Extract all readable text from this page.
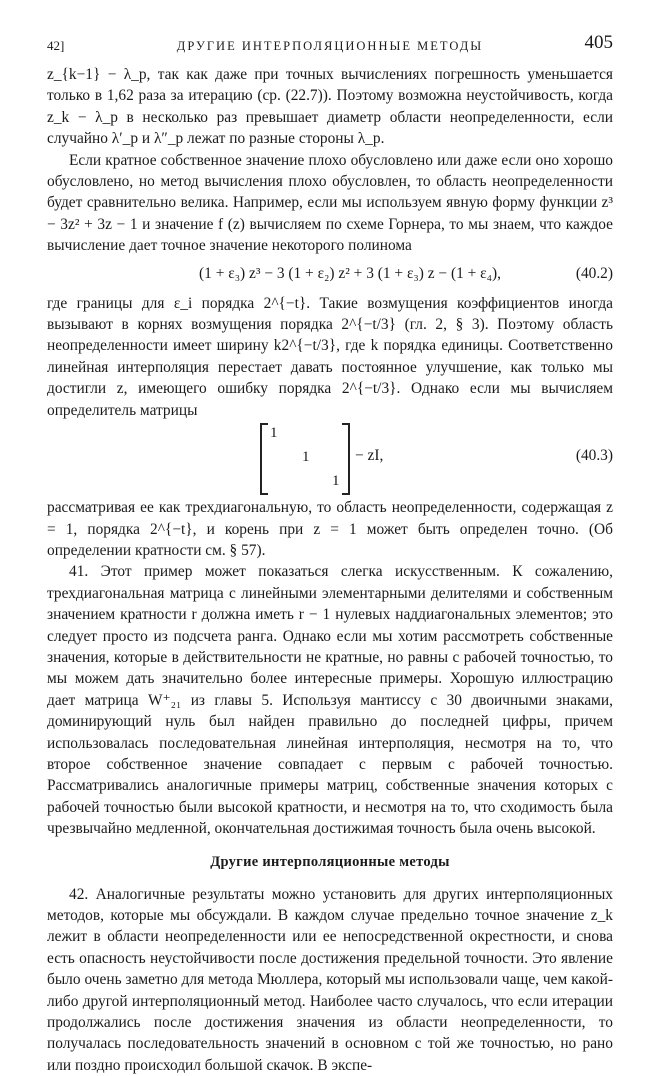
42]	ДРУГИЕ ИНТЕРПОЛЯЦИОННЫЕ МЕТОДЫ	405

z_{k−1} − λ_p, так как даже при точных вычислениях погрешность уменьшается только в 1,62 раза за итерацию (ср. (22.7)). Поэтому возможна неустойчивость, когда z_k − λ_p в несколько раз превышает диаметр области неопределенности, если случайно λ′_p и λ″_p лежат по разные стороны λ_p.

Если кратное собственное значение плохо обусловлено или даже если оно хорошо обусловлено, но метод вычисления плохо обусловлен, то область неопределенности будет сравнительно велика. Например, если мы используем явную форму функции z³ − 3z² + 3z − 1 и значение f (z) вычисляем по схеме Горнера, то мы знаем, что каждое вычисление дает точное значение некоторого полинома

(1 + ε₃) z³ − 3 (1 + ε₂) z² + 3 (1 + ε₃) z − (1 + ε₄),	(40.2)

где границы для ε_i порядка 2^{−t}. Такие возмущения коэффициентов иногда вызывают в корнях возмущения порядка 2^{−t/3} (гл. 2, § 3). Поэтому область неопределенности имеет ширину k2^{−t/3}, где k порядка единицы. Соответственно линейная интерполяция перестает давать постоянное улучшение, как только мы достигли z, имеющего ошибку порядка 2^{−t/3}. Однако если мы вычисляем определитель матрицы

1
1
1
− zI,	(40.3)

рассматривая ее как трехдиагональную, то область неопределенности, содержащая z = 1, порядка 2^{−t}, и корень при z = 1 может быть определен точно. (Об определении кратности см. § 57).

41. Этот пример может показаться слегка искусственным. К сожалению, трехдиагональная матрица с линейными элементарными делителями и собственным значением кратности r должна иметь r − 1 нулевых наддиагональных элементов; это следует просто из подсчета ранга. Однако если мы хотим рассмотреть собственные значения, которые в действительности не кратные, но равны с рабочей точностью, то мы можем дать значительно более интересные примеры. Хорошую иллюстрацию дает матрица W⁺₂₁ из главы 5. Используя мантиссу с 30 двоичными знаками, доминирующий нуль был найден правильно до последней цифры, причем использовалась последовательная линейная интерполяция, несмотря на то, что второе собственное значение совпадает с первым с рабочей точностью. Рассматривались аналогичные примеры матриц, собственные значения которых с рабочей точностью были высокой кратности, и несмотря на то, что сходимость была чрезвычайно медленной, окончательная достижимая точность была очень высокой.

Другие интерполяционные методы

42. Аналогичные результаты можно установить для других интерполяционных методов, которые мы обсуждали. В каждом случае предельно точное значение z_k лежит в области неопределенности или ее непосредственной окрестности, и снова есть опасность неустойчивости после достижения предельной точности. Это явление было очень заметно для метода Мюллера, который мы использовали чаще, чем какой-либо другой интерполяционный метод. Наиболее часто случалось, что если итерации продолжались после достижения значения из области неопределенности, то получалась последовательность значений в основном с той же точностью, но рано или поздно происходил большой скачок. В экспе-
